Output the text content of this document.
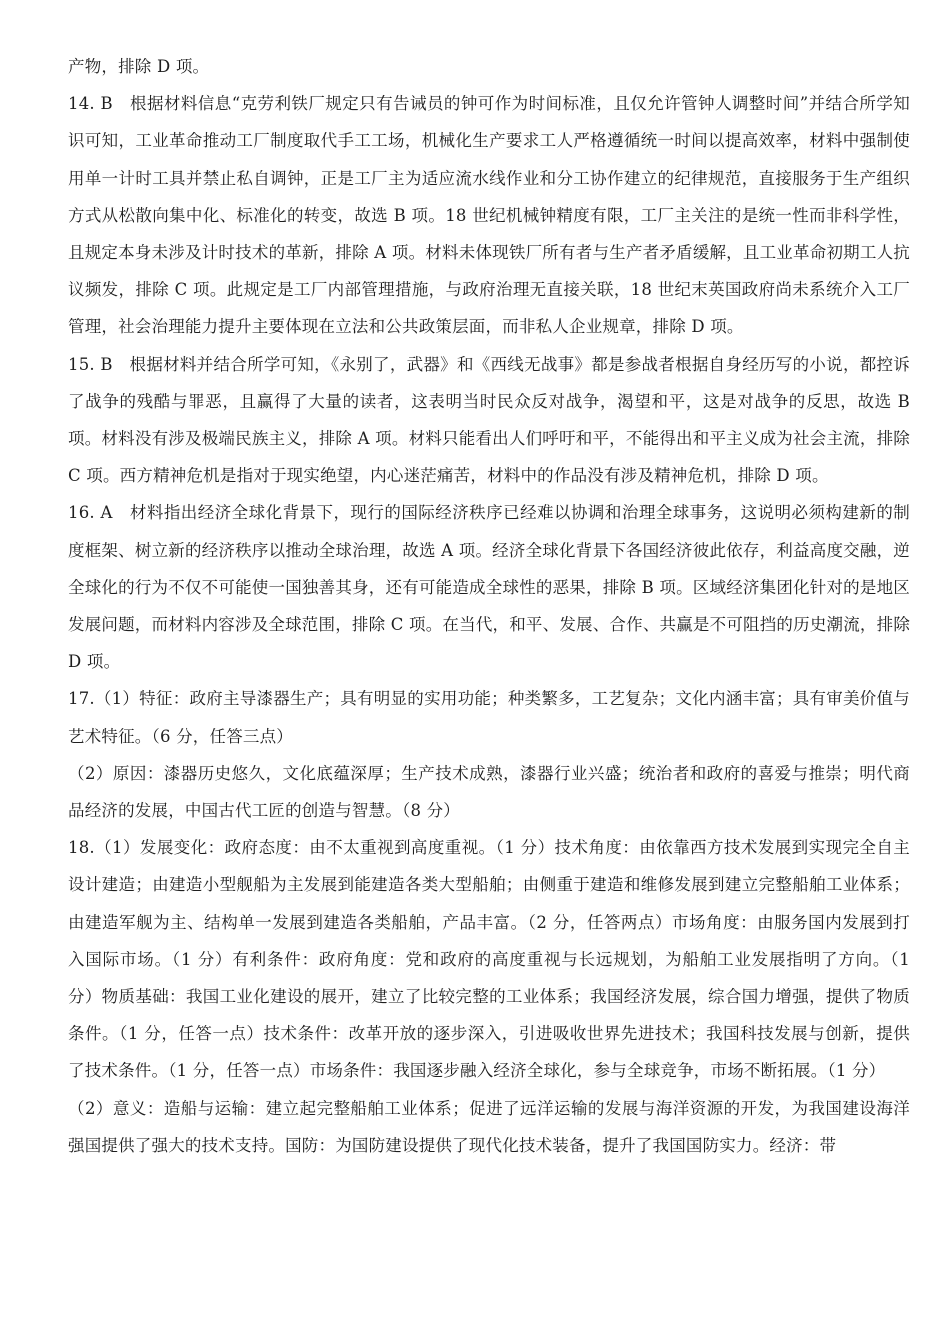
产物，排除 D 项。

14. B　根据材料信息“克劳利铁厂规定只有告诫员的钟可作为时间标准，且仅允许管钟人调整时间”并结合所学知识可知，工业革命推动工厂制度取代手工工场，机械化生产要求工人严格遵循统一时间以提高效率，材料中强制使用单一计时工具并禁止私自调钟，正是工厂主为适应流水线作业和分工协作建立的纪律规范，直接服务于生产组织方式从松散向集中化、标准化的转变，故选 B 项。18 世纪机械钟精度有限，工厂主关注的是统一性而非科学性，且规定本身未涉及计时技术的革新，排除 A 项。材料未体现铁厂所有者与生产者矛盾缓解，且工业革命初期工人抗议频发，排除 C 项。此规定是工厂内部管理措施，与政府治理无直接关联，18 世纪末英国政府尚未系统介入工厂管理，社会治理能力提升主要体现在立法和公共政策层面，而非私人企业规章，排除 D 项。

15. B　根据材料并结合所学可知，《永别了，武器》和《西线无战事》都是参战者根据自身经历写的小说，都控诉了战争的残酷与罪恶，且赢得了大量的读者，这表明当时民众反对战争，渴望和平，这是对战争的反思，故选 B 项。材料没有涉及极端民族主义，排除 A 项。材料只能看出人们呼吁和平，不能得出和平主义成为社会主流，排除 C 项。西方精神危机是指对于现实绝望，内心迷茫痛苦，材料中的作品没有涉及精神危机，排除 D 项。

16. A　材料指出经济全球化背景下，现行的国际经济秩序已经难以协调和治理全球事务，这说明必须构建新的制度框架、树立新的经济秩序以推动全球治理，故选 A 项。经济全球化背景下各国经济彼此依存，利益高度交融，逆全球化的行为不仅不可能使一国独善其身，还有可能造成全球性的恶果，排除 B 项。区域经济集团化针对的是地区发展问题，而材料内容涉及全球范围，排除 C 项。在当代，和平、发展、合作、共赢是不可阻挡的历史潮流，排除 D 项。

17.（1）特征：政府主导漆器生产；具有明显的实用功能；种类繁多，工艺复杂；文化内涵丰富；具有审美价值与艺术特征。（6 分，任答三点）

（2）原因：漆器历史悠久，文化底蕴深厚；生产技术成熟，漆器行业兴盛；统治者和政府的喜爱与推崇；明代商品经济的发展，中国古代工匠的创造与智慧。（8 分）

18.（1）发展变化：政府态度：由不太重视到高度重视。（1 分）技术角度：由依靠西方技术发展到实现完全自主设计建造；由建造小型舰船为主发展到能建造各类大型船舶；由侧重于建造和维修发展到建立完整船舶工业体系；由建造军舰为主、结构单一发展到建造各类船舶，产品丰富。（2 分，任答两点）市场角度：由服务国内发展到打入国际市场。（1 分）有利条件：政府角度：党和政府的高度重视与长远规划，为船舶工业发展指明了方向。（1 分）物质基础：我国工业化建设的展开，建立了比较完整的工业体系；我国经济发展，综合国力增强，提供了物质条件。（1 分，任答一点）技术条件：改革开放的逐步深入，引进吸收世界先进技术；我国科技发展与创新，提供了技术条件。（1 分，任答一点）市场条件：我国逐步融入经济全球化，参与全球竞争，市场不断拓展。（1 分）

（2）意义：造船与运输：建立起完整船舶工业体系；促进了远洋运输的发展与海洋资源的开发，为我国建设海洋强国提供了强大的技术支持。国防：为国防建设提供了现代化技术装备，提升了我国国防实力。经济：带
